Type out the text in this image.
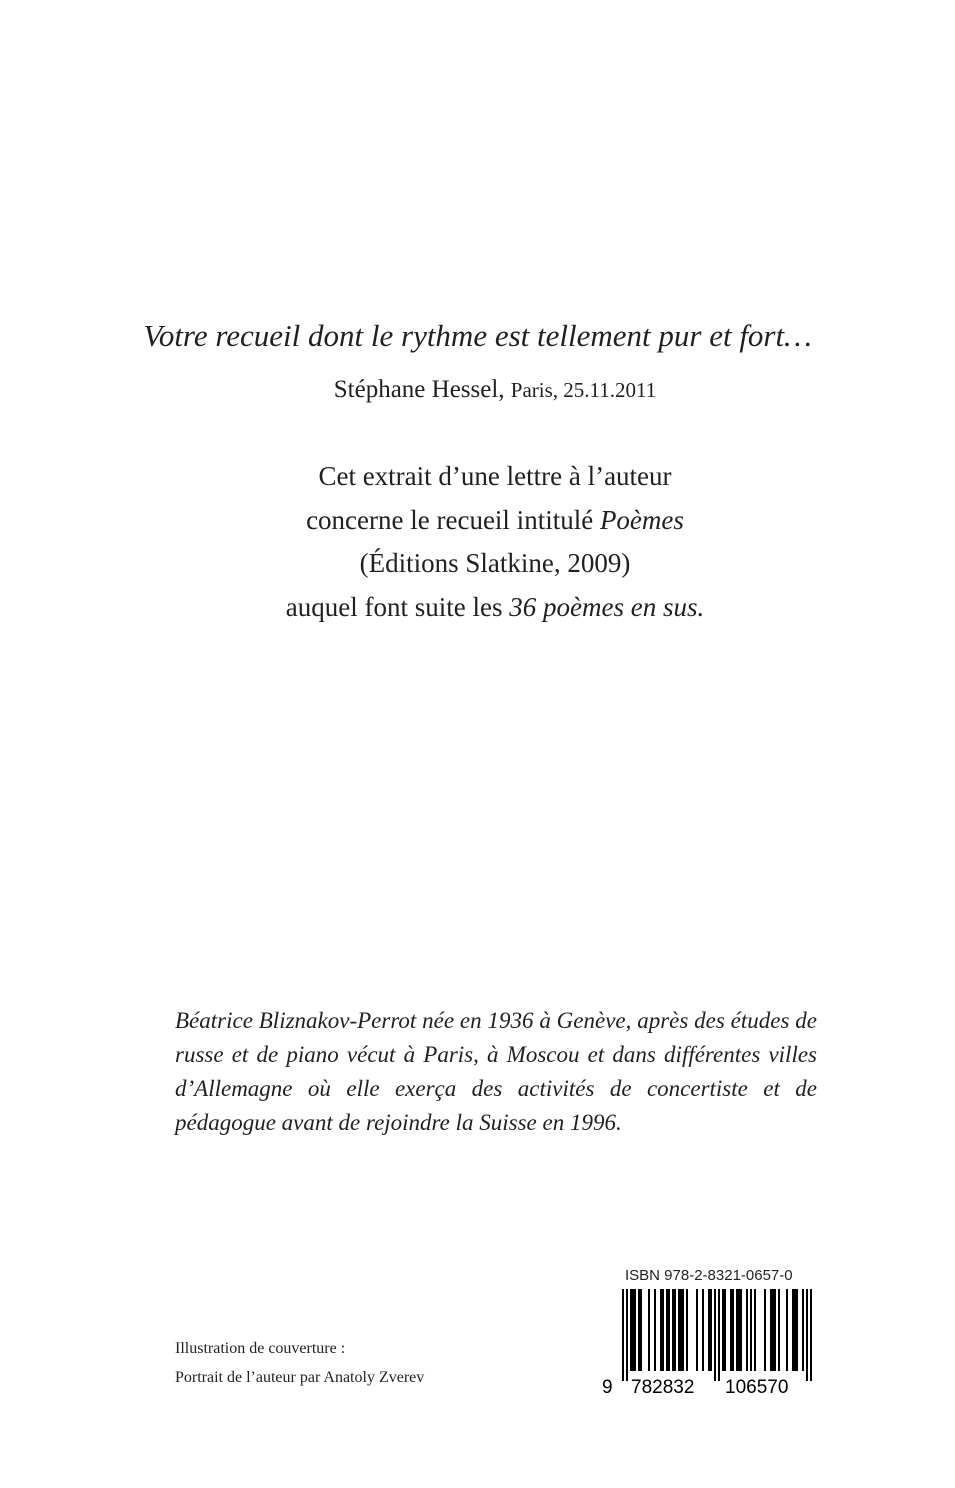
Votre recueil dont le rythme est tellement pur et fort…
Stéphane Hessel, Paris, 25.11.2011
Cet extrait d’une lettre à l’auteur
concerne le recueil intitulé Poèmes
(Éditions Slatkine, 2009)
auquel font suite les 36 poèmes en sus.
Béatrice Bliznakov-Perrot née en 1936 à Genève, après des études de russe et de piano vécut à Paris, à Moscou et dans différentes villes d’Allemagne où elle exerça des activités de concertiste et de pédagogue avant de rejoindre la Suisse en 1996.
Illustration de couverture :
Portrait de l’auteur par Anatoly Zverev
ISBN 978-2-8321-0657-0
9 782832 106570
